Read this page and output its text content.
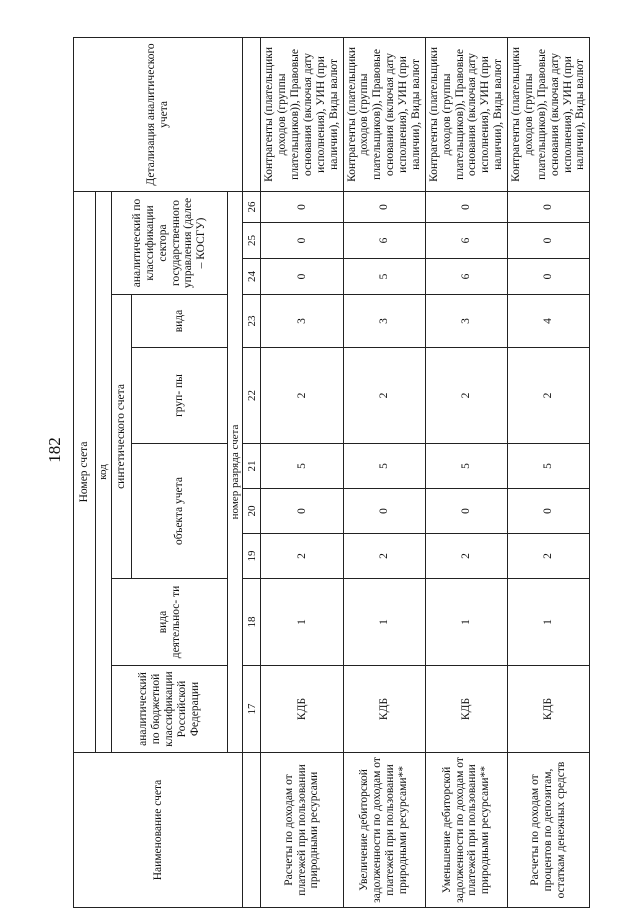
182
Наименование счета	Номер счета										Детализация аналитического учета
	код										
	аналитический по бюджетной классификации Российской Федерации	вида деятельнос- ти	синтетического счета					аналитический по классификации сектора государственного управления (далее – КОСГУ)			
			объекта учета			груп- пы	вида				

	номер разряда счета										
	17	18	19	20	21	22	23	24	25	26	
Расчеты по доходам от платежей при пользовании природными ресурсами	КДБ	1	2	0	5	2	3	0	0	0	Контрагенты (плательщики доходов (группы плательщиков)), Правовые основания (включая дату исполнения), УИН (при наличии), Виды валют
Увеличение дебиторской задолженности по доходам от платежей при пользовании природными ресурсами**	КДБ	1	2	0	5	2	3	5	6	0	Контрагенты (плательщики доходов (группы плательщиков)), Правовые основания (включая дату исполнения), УИН (при наличии), Виды валют
Уменьшение дебиторской задолженности по доходам от платежей при пользовании природными ресурсами**	КДБ	1	2	0	5	2	3	6	6	0	Контрагенты (плательщики доходов (группы плательщиков)), Правовые основания (включая дату исполнения), УИН (при наличии), Виды валют
Расчеты по доходам от процентов по депозитам, остаткам денежных средств	КДБ	1	2	0	5	2	4	0	0	0	Контрагенты (плательщики доходов (группы плательщиков)), Правовые основания (включая дату исполнения), УИН (при наличии), Виды валют
